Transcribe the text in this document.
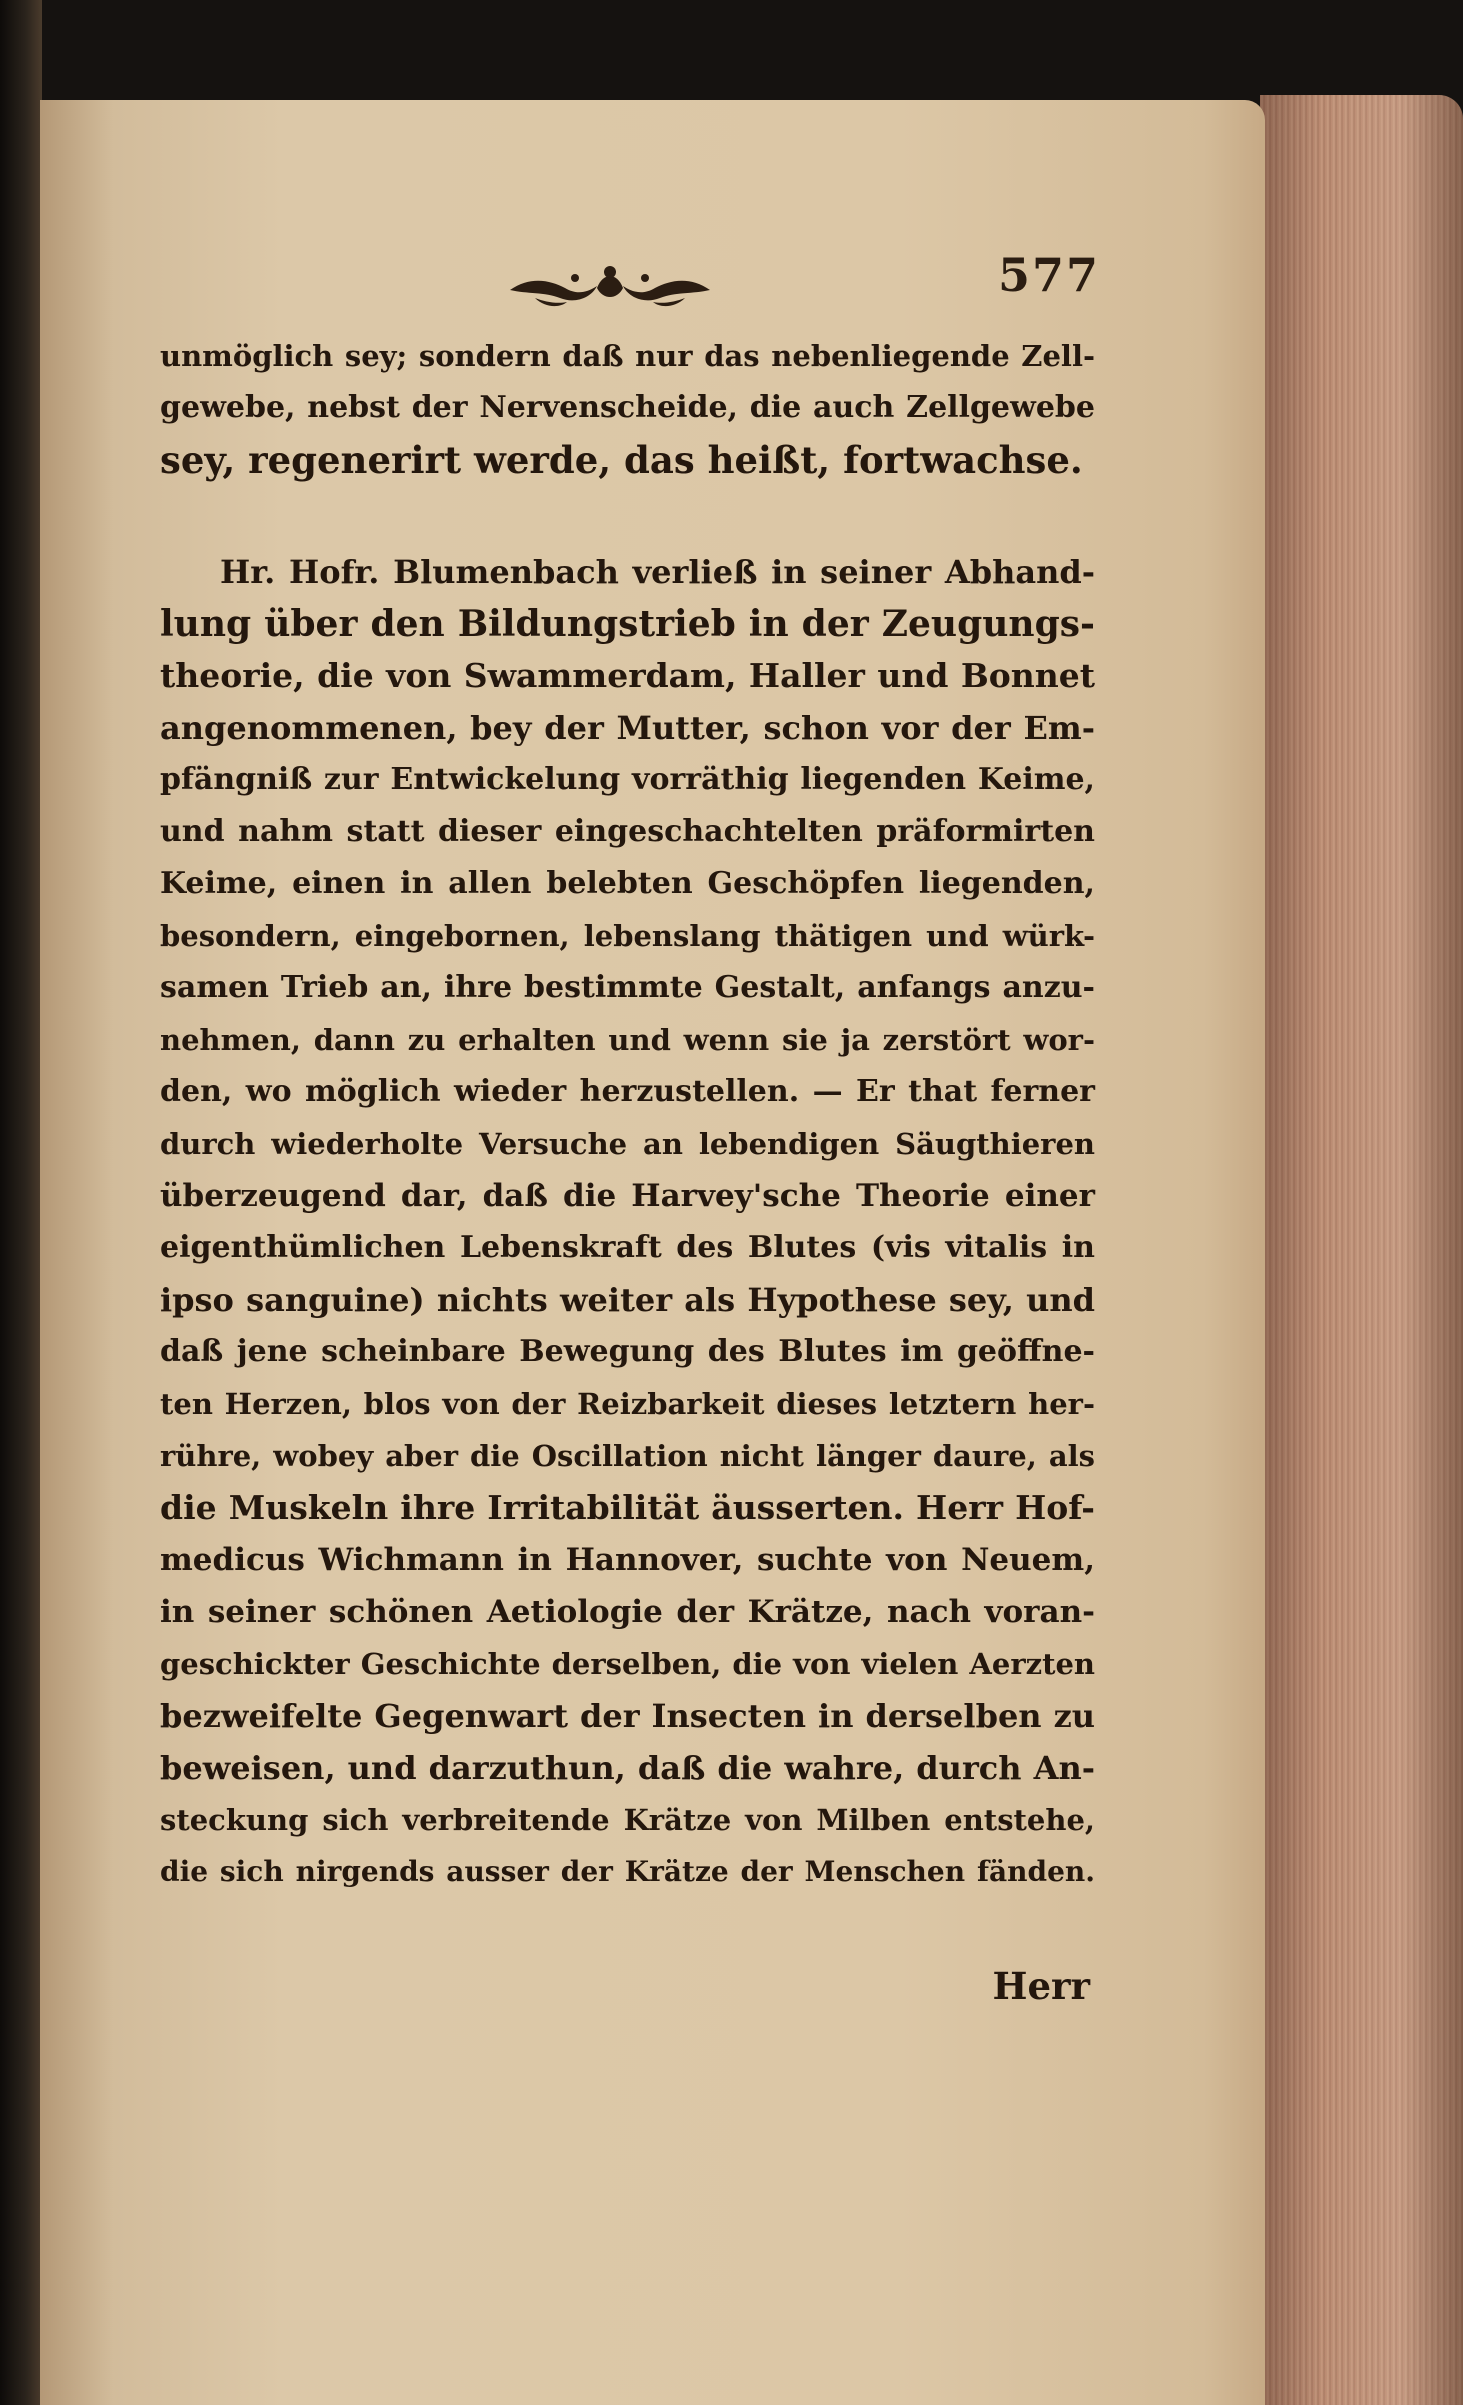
577
unmöglich sey; sondern daß nur das nebenliegende Zell-
gewebe, nebst der Nervenscheide, die auch Zellgewebe
sey, regenerirt werde, das heißt, fortwachse.
Hr. Hofr. Blumenbach verließ in seiner Abhand-
lung über den Bildungstrieb in der Zeugungs-
theorie, die von Swammerdam, Haller und Bonnet
angenommenen, bey der Mutter, schon vor der Em-
pfängniß zur Entwickelung vorräthig liegenden Keime,
und nahm statt dieser eingeschachtelten präformirten
Keime, einen in allen belebten Geschöpfen liegenden,
besondern, eingebornen, lebenslang thätigen und würk-
samen Trieb an, ihre bestimmte Gestalt, anfangs anzu-
nehmen, dann zu erhalten und wenn sie ja zerstört wor-
den, wo möglich wieder herzustellen. — Er that ferner
durch wiederholte Versuche an lebendigen Säugthieren
überzeugend dar, daß die Harvey'sche Theorie einer
eigenthümlichen Lebenskraft des Blutes (vis vitalis in
ipso sanguine) nichts weiter als Hypothese sey, und
daß jene scheinbare Bewegung des Blutes im geöffne-
ten Herzen, blos von der Reizbarkeit dieses letztern her-
rühre, wobey aber die Oscillation nicht länger daure, als
die Muskeln ihre Irritabilität äusserten. Herr Hof-
medicus Wichmann in Hannover, suchte von Neuem,
in seiner schönen Aetiologie der Krätze, nach voran-
geschickter Geschichte derselben, die von vielen Aerzten
bezweifelte Gegenwart der Insecten in derselben zu
beweisen, und darzuthun, daß die wahre, durch An-
steckung sich verbreitende Krätze von Milben entstehe,
die sich nirgends ausser der Krätze der Menschen fänden.
Herr
